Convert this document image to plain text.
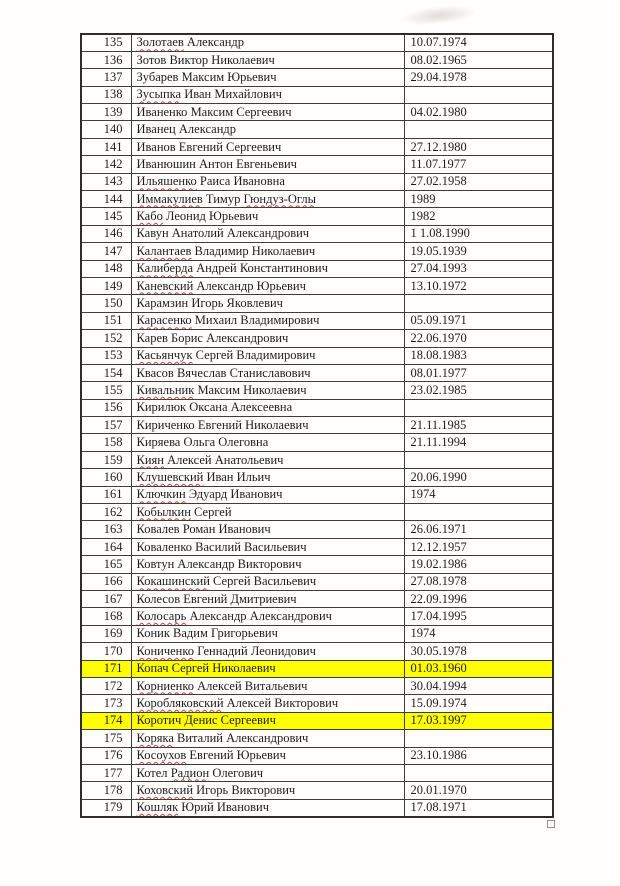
135	Золотаев Александр	10.07.1974
136	Зотов Виктор Николаевич	08.02.1965
137	Зубарев Максим Юрьевич	29.04.1978
138	Зусыпка Иван Михайлович	
139	Иваненко Максим Сергеевич	04.02.1980
140	Иванец Александр	
141	Иванов Евгений Сергеевич	27.12.1980
142	Иванюшин Антон Евгеньевич	11.07.1977
143	Ильяшенко Раиса Ивановна	27.02.1958
144	Иммакулиев Тимур Гюндуз-Оглы	1989
145	Кабо Леонид Юрьевич	1982
146	Кавун Анатолий Александрович	1 1.08.1990
147	Калантаев Владимир Николаевич	19.05.1939
148	Калиберда Андрей Константинович	27.04.1993
149	Каневский Александр Юрьевич	13.10.1972
150	Карамзин Игорь Яковлевич	
151	Карасенко Михаил Владимирович	05.09.1971
152	Карев Борис Александрович	22.06.1970
153	Касьянчук Сергей Владимирович	18.08.1983
154	Квасов Вячеслав Станиславович	08.01.1977
155	Кивальник Максим Николаевич	23.02.1985
156	Кирилюк Оксана Алексеевна	
157	Кириченко Евгений Николаевич	21.11.1985
158	Киряева Ольга Олеговна	21.11.1994
159	Киян Алексей Анатольевич	
160	Клушевский Иван Ильич	20.06.1990
161	Ключкин Эдуард Иванович	1974
162	Кобылкин Сергей	
163	Ковалев Роман Иванович	26.06.1971
164	Коваленко Василий Васильевич	12.12.1957
165	Ковтун Александр Викторович	19.02.1986
166	Кокашинский Сергей Васильевич	27.08.1978
167	Колесов Евгений Дмитриевич	22.09.1996
168	Колосарь Александр Александрович	17.04.1995
169	Коник Вадим Григорьевич	1974
170	Кониченко Геннадий Леонидович	30.05.1978
171	Копач Сергей Николаевич	01.03.1960
172	Корниенко Алексей Витальевич	30.04.1994
173	Коробляковский Алексей Викторович	15.09.1974
174	Коротич Денис Сергеевич	17.03.1997
175	Коряка Виталий Александрович	
176	Косоухов Евгений Юрьевич	23.10.1986
177	Котел Радион Олегович	
178	Коховский Игорь Викторович	20.01.1970
179	Кошляк Юрий Иванович	17.08.1971
